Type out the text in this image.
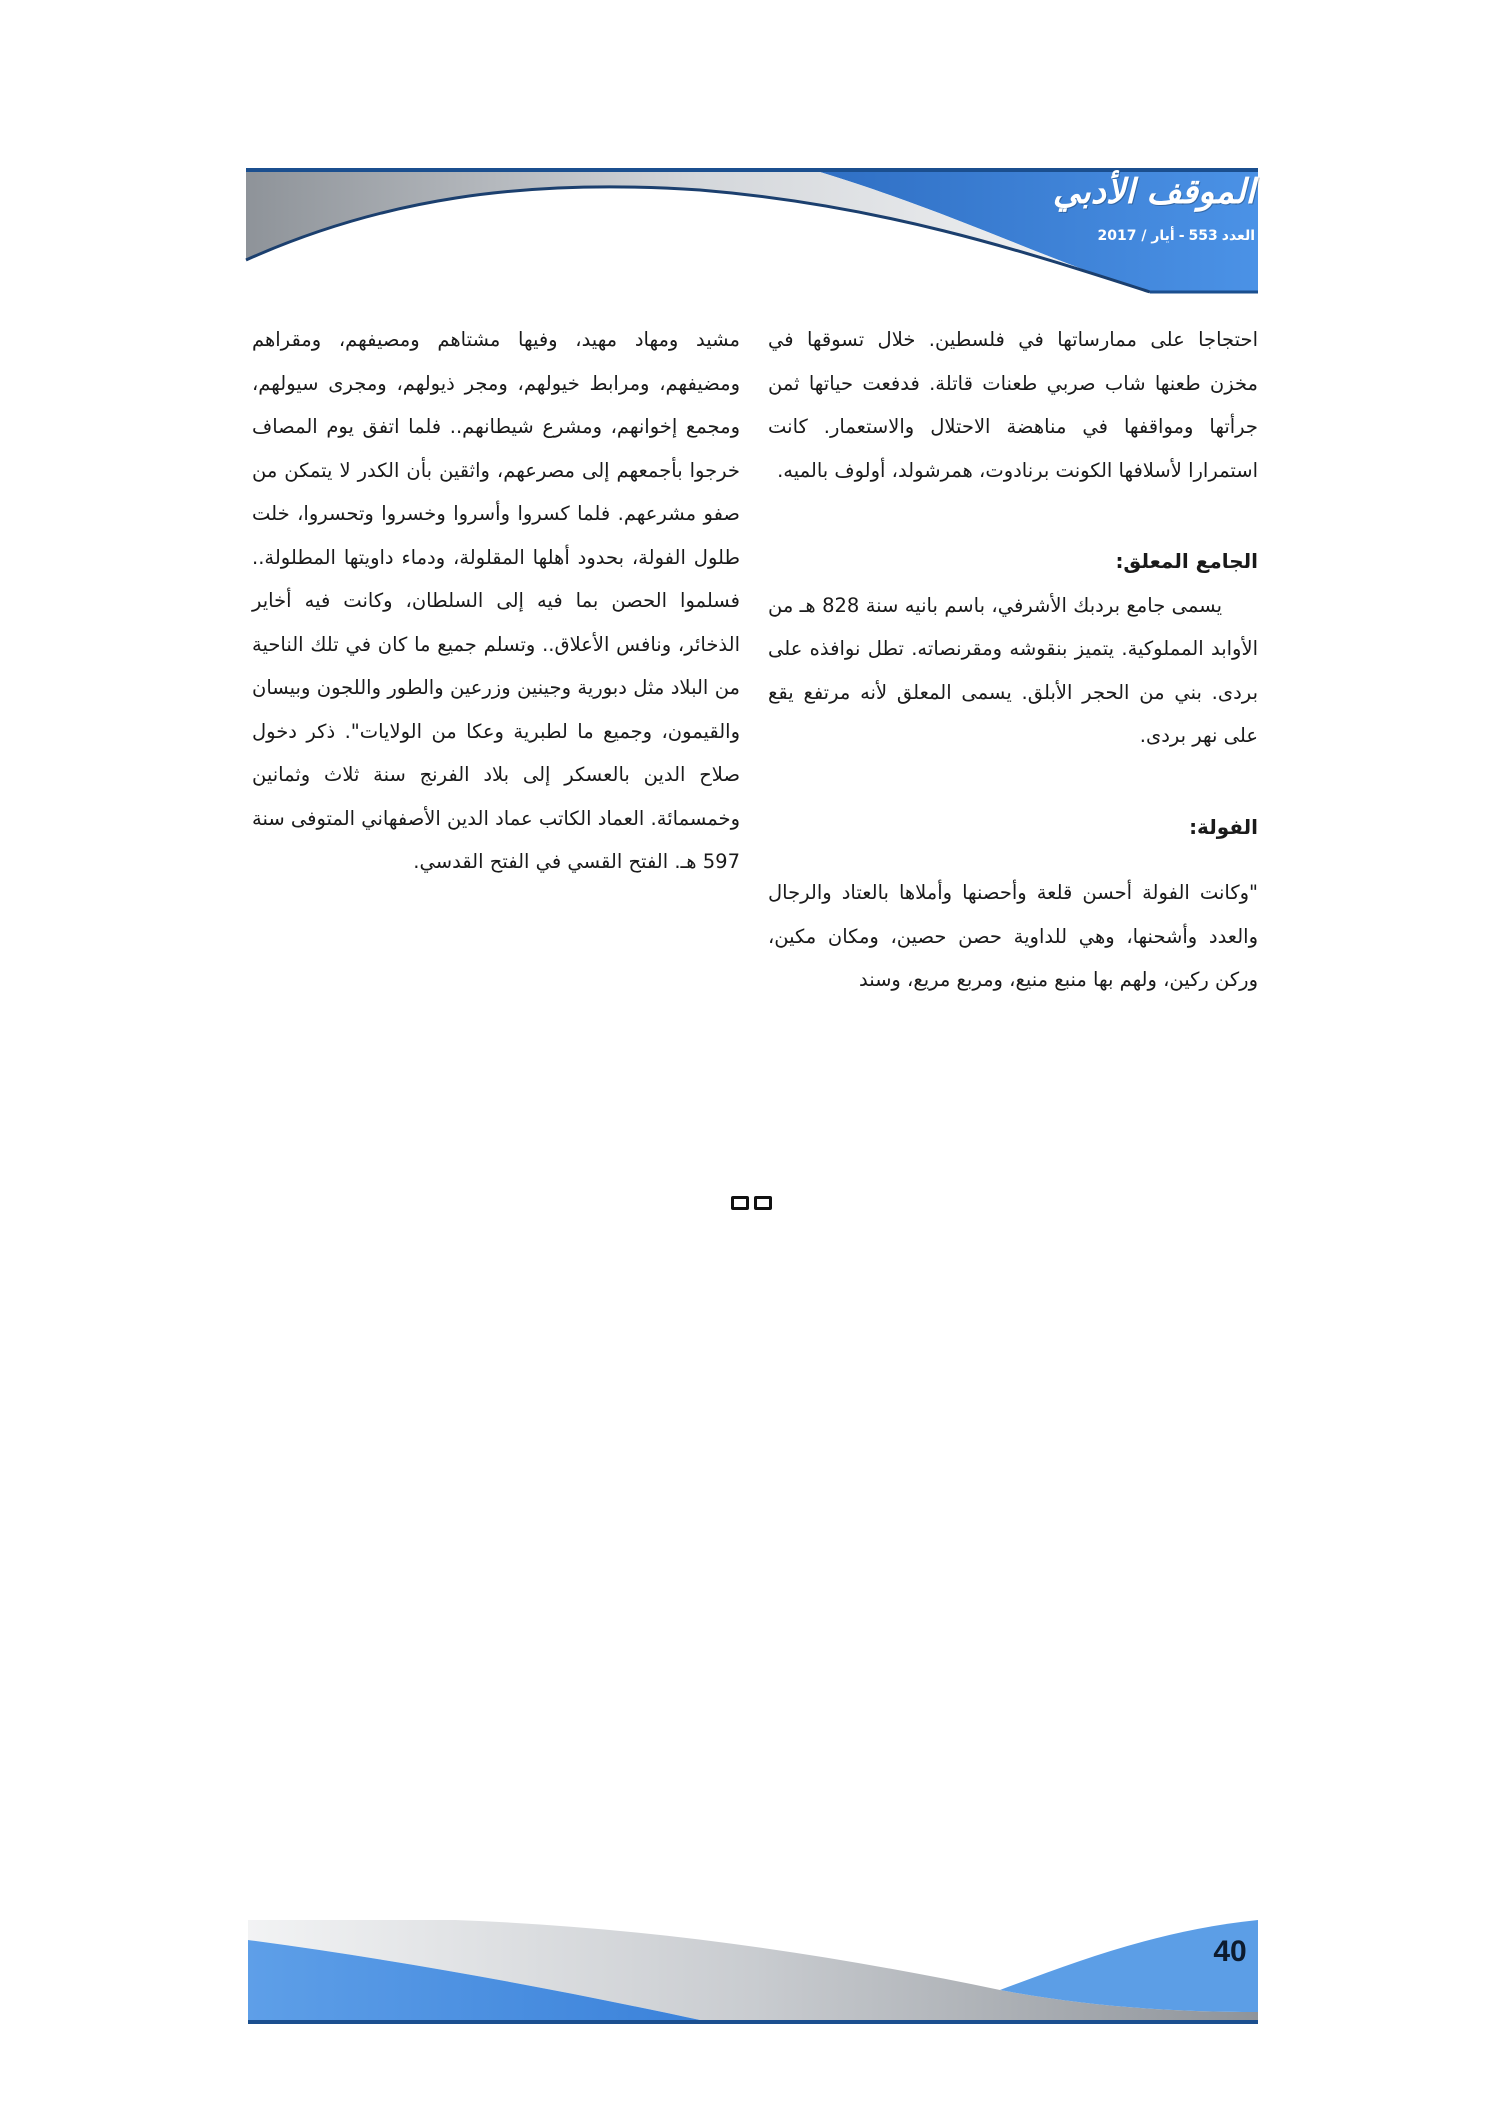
الموقف الأدبي
العدد553-أيار / 2017

احتجاجا على ممارساتها في فلسطين. خلال تسوقها في مخزن طعنها شاب صربي طعنات قاتلة. فدفعت حياتها ثمن جرأتها ومواقفها في مناهضة الاحتلال والاستعمار. كانت استمرارا لأسلافها الكونت برنادوت، همرشولد، أولوف بالميه.

الجامع المعلق:

يسمى جامع بردبك الأشرفي، باسم بانيه سنة 828 هـ من الأوابد المملوكية. يتميز بنقوشه ومقرنصاته. تطل نوافذه على بردى. بني من الحجر الأبلق. يسمى المعلق لأنه مرتفع يقع على نهر بردى.

الفولة:

"وكانت الفولة أحسن قلعة وأحصنها وأملاها بالعتاد والرجال والعدد وأشحنها، وهي للداوية حصن حصين، ومكان مكين، وركن ركين، ولهم بها منبع منيع، ومربع مريع، وسند

مشيد ومهاد مهيد، وفيها مشتاهم ومصيفهم، ومقراهم ومضيفهم، ومرابط خيولهم، ومجر ذيولهم، ومجرى سيولهم، ومجمع إخوانهم، ومشرع شيطانهم.. فلما اتفق يوم المصاف خرجوا بأجمعهم إلى مصرعهم، واثقين بأن الكدر لا يتمكن من صفو مشرعهم. فلما كسروا وأسروا وخسروا وتحسروا، خلت طلول الفولة، بحدود أهلها المقلولة، ودماء داويتها المطلولة.. فسلموا الحصن بما فيه إلى السلطان، وكانت فيه أخاير الذخائر، ونافس الأعلاق.. وتسلم جميع ما كان في تلك الناحية من البلاد مثل دبورية وجينين وزرعين والطور واللجون وبيسان والقيمون، وجميع ما لطبرية وعكا من الولايات". ذكر دخول صلاح الدين بالعسكر إلى بلاد الفرنج سنة ثلاث وثمانين وخمسمائة. العماد الكاتب عماد الدين الأصفهاني المتوفى سنة 597 هـ. الفتح القسي في الفتح القدسي.

40
